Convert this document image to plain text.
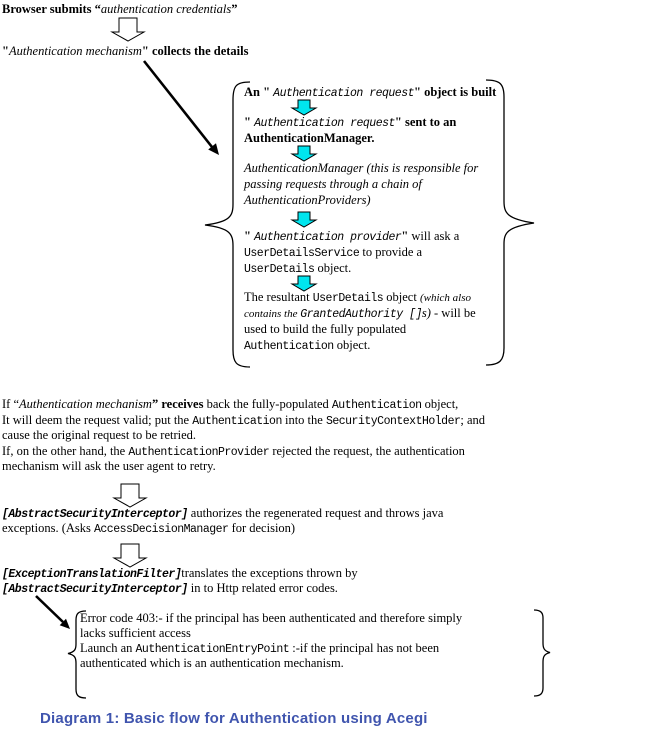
Browser submits “authentication credentials”
"Authentication mechanism" collects the details
An " Authentication request" object is built
" Authentication request" sent to an
AuthenticationManager.
AuthenticationManager (this is responsible for
passing requests through a chain of
AuthenticationProviders)
" Authentication provider" will ask a
UserDetailsService to provide a
UserDetails object.
The resultant UserDetails object (which also
contains the GrantedAuthority []s) - will be
used to build the fully populated
Authentication object.
If “Authentication mechanism” receives back the fully-populated Authentication object,
It will deem the request valid; put the Authentication into the SecurityContextHolder; and
cause the original request to be retried.
If, on the other hand, the AuthenticationProvider rejected the request, the authentication
mechanism will ask the user agent to retry.
[AbstractSecurityInterceptor] authorizes the regenerated request and throws java
exceptions. (Asks AccessDecisionManager for decision)
[ExceptionTranslationFilter]translates the exceptions thrown by
[AbstractSecurityInterceptor] in to Http related error codes.
Error code 403:- if the principal has been authenticated and therefore simply
lacks sufficient access
Launch an AuthenticationEntryPoint :-if the principal has not been
authenticated which is an authentication mechanism.
Diagram 1: Basic flow for Authentication using Acegi
